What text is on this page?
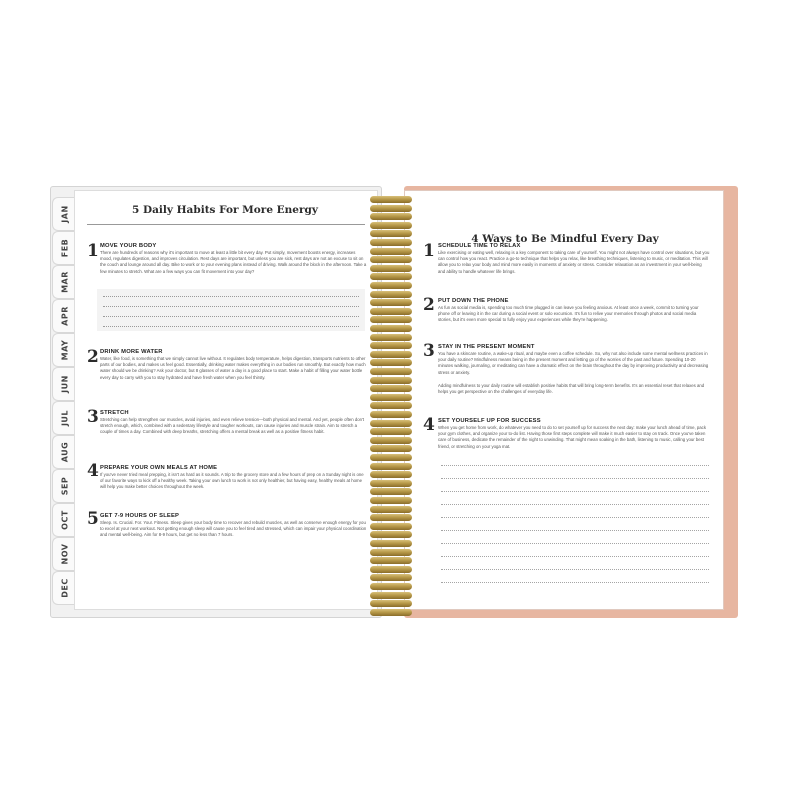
JAN
FEB
MAR
APR
MAY
JUN
JUL
AUG
SEP
OCT
NOV
DEC
5 Daily Habits For More Energy
1 MOVE YOUR BODY
There are hundreds of reasons why it's important to move at least a little bit every day. Put simply, movement boosts energy, increases mood, regulates digestion, and improves circulation. Rest days are important, but unless you are sick, rest days are not an excuse to sit on the couch and lounge around all day. Bike to work or to your evening plans instead of driving. Walk around the block in the afternoon. Take a few minutes to stretch. What are a few ways you can fit movement into your day?
2 DRINK MORE WATER
Water, like food, is something that we simply cannot live without. It regulates body temperature, helps digestion, transports nutrients to other parts of our bodies, and makes us feel good. Essentially, drinking water makes everything in our bodies run smoothly. But exactly how much water should we be drinking? Ask your doctor, but 8 glasses of water a day is a good place to start. Make a habit of filling your water bottle every day to carry with you to stay hydrated and have fresh water when you feel thirsty.
3 STRETCH
Stretching can help strengthen our muscles, avoid injuries, and even relieve tension—both physical and mental. And yet, people often don't stretch enough, which, combined with a sedentary lifestyle and tougher workouts, can cause injuries and muscle strain. Aim to stretch a couple of times a day. Combined with deep breaths, stretching offers a mental break as well as a positive fitness habit.
4 PREPARE YOUR OWN MEALS AT HOME
If you've never tried meal prepping, it isn't as hard as it sounds. A trip to the grocery store and a few hours of prep on a Sunday night is one of our favorite ways to kick off a healthy week. Taking your own lunch to work is not only healthier, but having easy, healthy meals at home will help you make better choices throughout the week.
5 GET 7-9 HOURS OF SLEEP
Sleep. Is. Crucial. For. Your. Fitness. Sleep gives your body time to recover and rebuild muscles, as well as conserve enough energy for you to excel at your next workout. Not getting enough sleep will cause you to feel tired and stressed, which can impair your physical coordination and mental well-being. Aim for 8-9 hours, but get no less than 7 hours.
4 Ways to Be Mindful Every Day
1 SCHEDULE TIME TO RELAX
Like exercising or eating well, relaxing is a key component to taking care of yourself. You might not always have control over situations, but you can control how you react. Practice a go-to technique that helps you relax, like breathing techniques, listening to music, or meditation. This will allow you to relax your body and mind more easily in moments of anxiety or stress. Consider relaxation as an investment in your well-being and ability to handle whatever life brings.
2 PUT DOWN THE PHONE
As fun as social media is, spending too much time plugged in can leave you feeling anxious. At least once a week, commit to turning your phone off or leaving it in the car during a social event or solo excursion. It's fun to relive your memories through photos and social media stories, but it's even more special to fully enjoy your experiences while they're happening.
3 STAY IN THE PRESENT MOMENT
You have a skincare routine, a wake-up ritual, and maybe even a coffee schedule. So, why not also include some mental wellness practices in your daily routine? Mindfulness means being in the present moment and letting go of the worries of the past and future. Spending 10-20 minutes walking, journaling, or meditating can have a dramatic effect on the brain throughout the day by improving productivity and decreasing stress or anxiety.
Adding mindfulness to your daily routine will establish positive habits that will bring long-term benefits. It's an essential reset that relaxes and helps you get perspective on the challenges of everyday life.
4 SET YOURSELF UP FOR SUCCESS
When you get home from work, do whatever you need to do to set yourself up for success the next day: make your lunch ahead of time, pack your gym clothes, and organize your to-do list. Having those first steps complete will make it much easier to stay on track. Once you've taken care of business, dedicate the remainder of the night to unwinding. That might mean soaking in the bath, listening to music, calling your best friend, or stretching on your yoga mat.
